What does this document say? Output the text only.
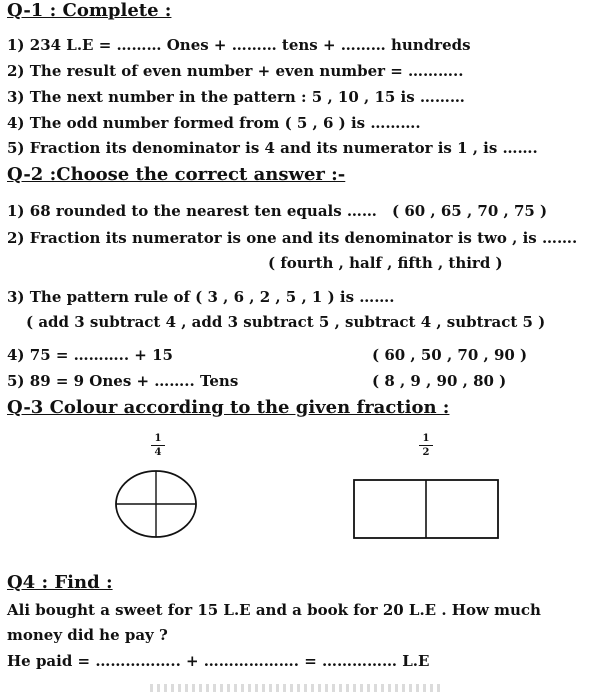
Q-1 : Complete :
1) 234 L.E = ……… Ones + ……… tens + ……… hundreds
2) The result of even number + even number = ………..
3) The next number in the pattern : 5 , 10 , 15 is ………
4) The odd number formed from ( 5 , 6 ) is ……….
5) Fraction its denominator is 4 and its numerator is 1 , is …….
Q-2 :Choose the correct answer :-
1) 68 rounded to the nearest ten equals …… ( 60 , 65 , 70 , 75 )
2) Fraction its numerator is one and its denominator is two , is …….
( fourth , half , fifth , third )
3) The pattern rule of ( 3 , 6 , 2 , 5 , 1 ) is …….
( add 3 subtract 4 , add 3 subtract 5 , subtract 4 , subtract 5 )
4) 75 = ……….. + 15	( 60 , 50 , 70 , 90 )
5) 89 = 9 Ones + …….. Tens	( 8 , 9 , 90 , 80 )
Q-3 Colour according to the given fraction :
1
4
1
2
Q4 : Find :
Ali bought a sweet for 15 L.E and a book for 20 L.E . How much
money did he pay ?
He paid = …………….. + ………………. = …………… L.E
